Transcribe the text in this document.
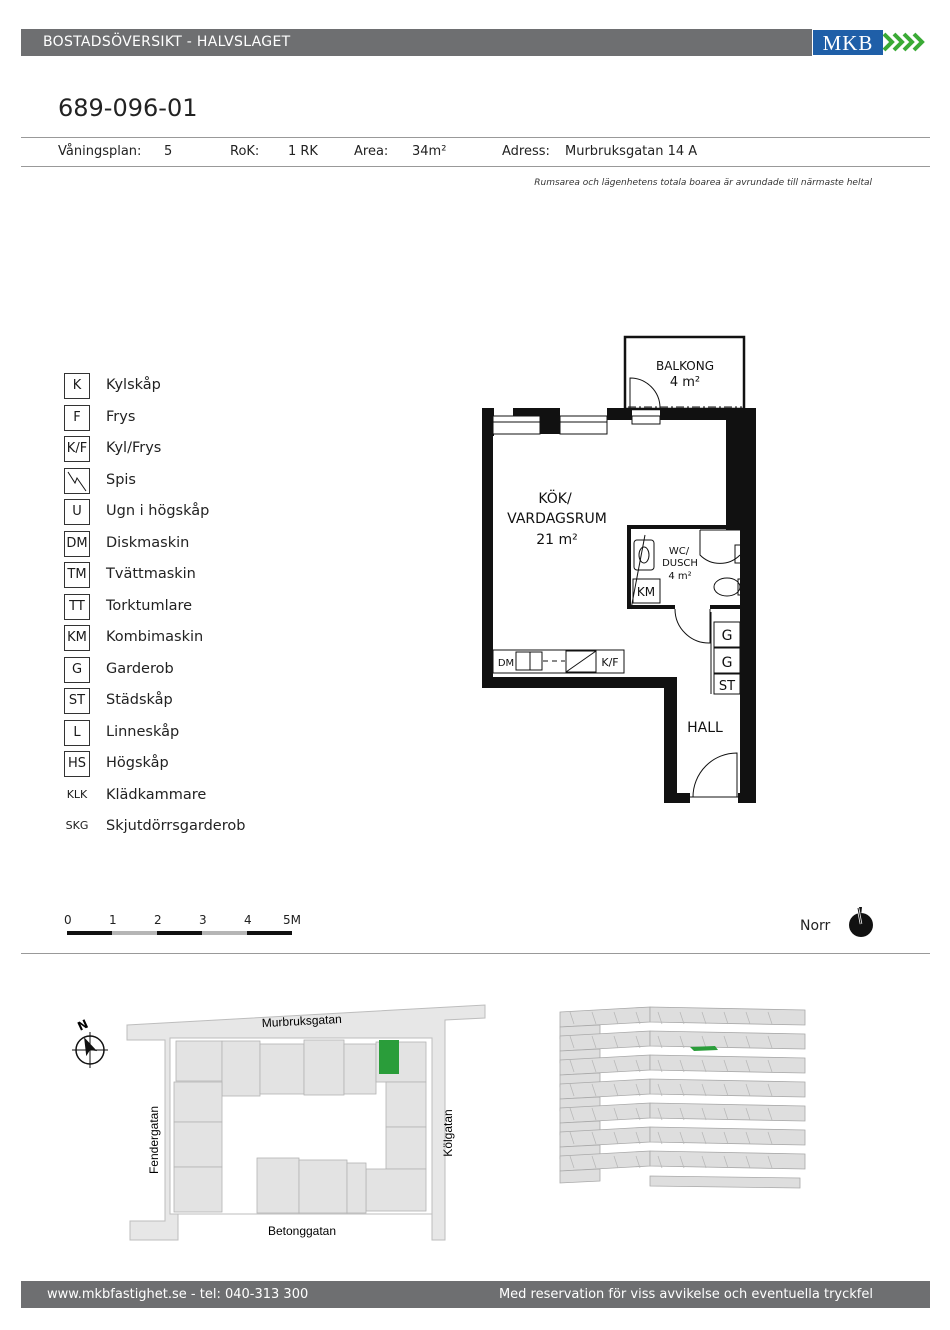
BOSTADSÖVERSIKT - HALVSLAGET	MKB
689-096-01
Våningsplan: 5	RoK: 1 RK	Area: 34m²	Adress: Murbruksgatan 14 A
Rumsarea och lägenhetens totala boarea är avrundade till närmaste heltal
K	Kylskåp
F	Frys
K/F Kyl/Frys
Spis
U	Ugn i högskåp
DM Diskmaskin
TM Tvättmaskin
TT	Torktumlare
KM Kombimaskin
G	Garderob
ST	Städskåp
L	Linneskåp
HS Högskåp
KLK Klädkammare
SKG Skjutdörrsgarderob
BALKONG
4 m²
DM	K/F
KÖK/
VARDAGSRUM
21 m²
KM
WC/
DUSCH
4 m²
G
G
ST
HALL
0	1	2	3	4	5M	Norr
Murbruksgatan
Fendergatan	Kölgatan
Betonggatan
N
www.mkbfastighet.se - tel: 040-313 300	Med reservation för viss avvikelse och eventuella tryckfel
